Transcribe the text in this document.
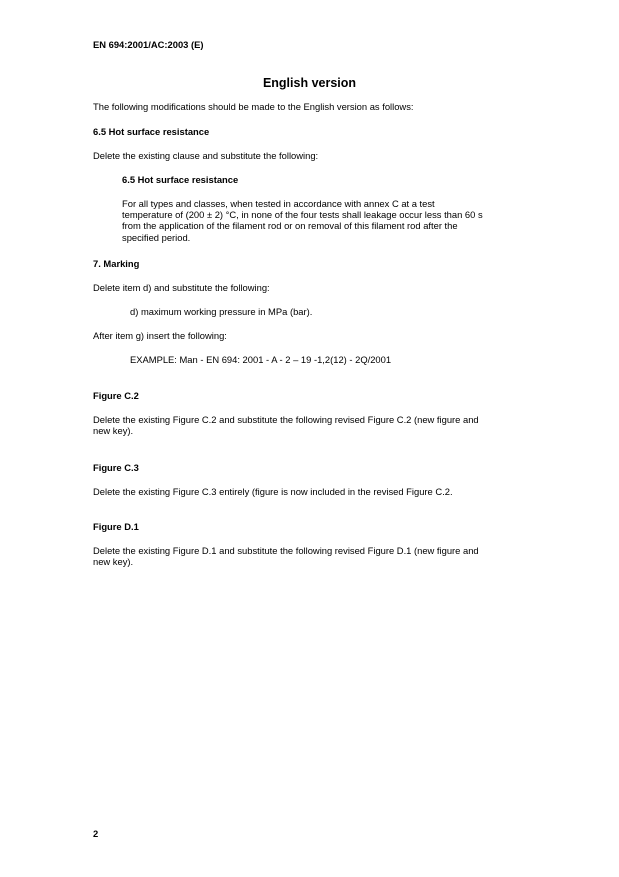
EN 694:2001/AC:2003 (E)

English version

The following modifications should be made to the English version as follows:

6.5 Hot surface resistance

Delete the existing clause and substitute the following:

6.5 Hot surface resistance

For all types and classes, when tested in accordance with annex C at a test
temperature of (200 ± 2) °C, in none of the four tests shall leakage occur less than 60 s
from the application of the filament rod or on removal of this filament rod after the
specified period.

7. Marking

Delete item d) and substitute the following:

d) maximum working pressure in MPa (bar).

After item g) insert the following:

EXAMPLE: Man - EN 694: 2001 - A - 2 – 19 -1,2(12) - 2Q/2001

Figure C.2

Delete the existing Figure C.2 and substitute the following revised Figure C.2 (new figure and
new key).

Figure C.3

Delete the existing Figure C.3 entirely (figure is now included in the revised Figure C.2.

Figure D.1

Delete the existing Figure D.1 and substitute the following revised Figure D.1 (new figure and
new key).

2
